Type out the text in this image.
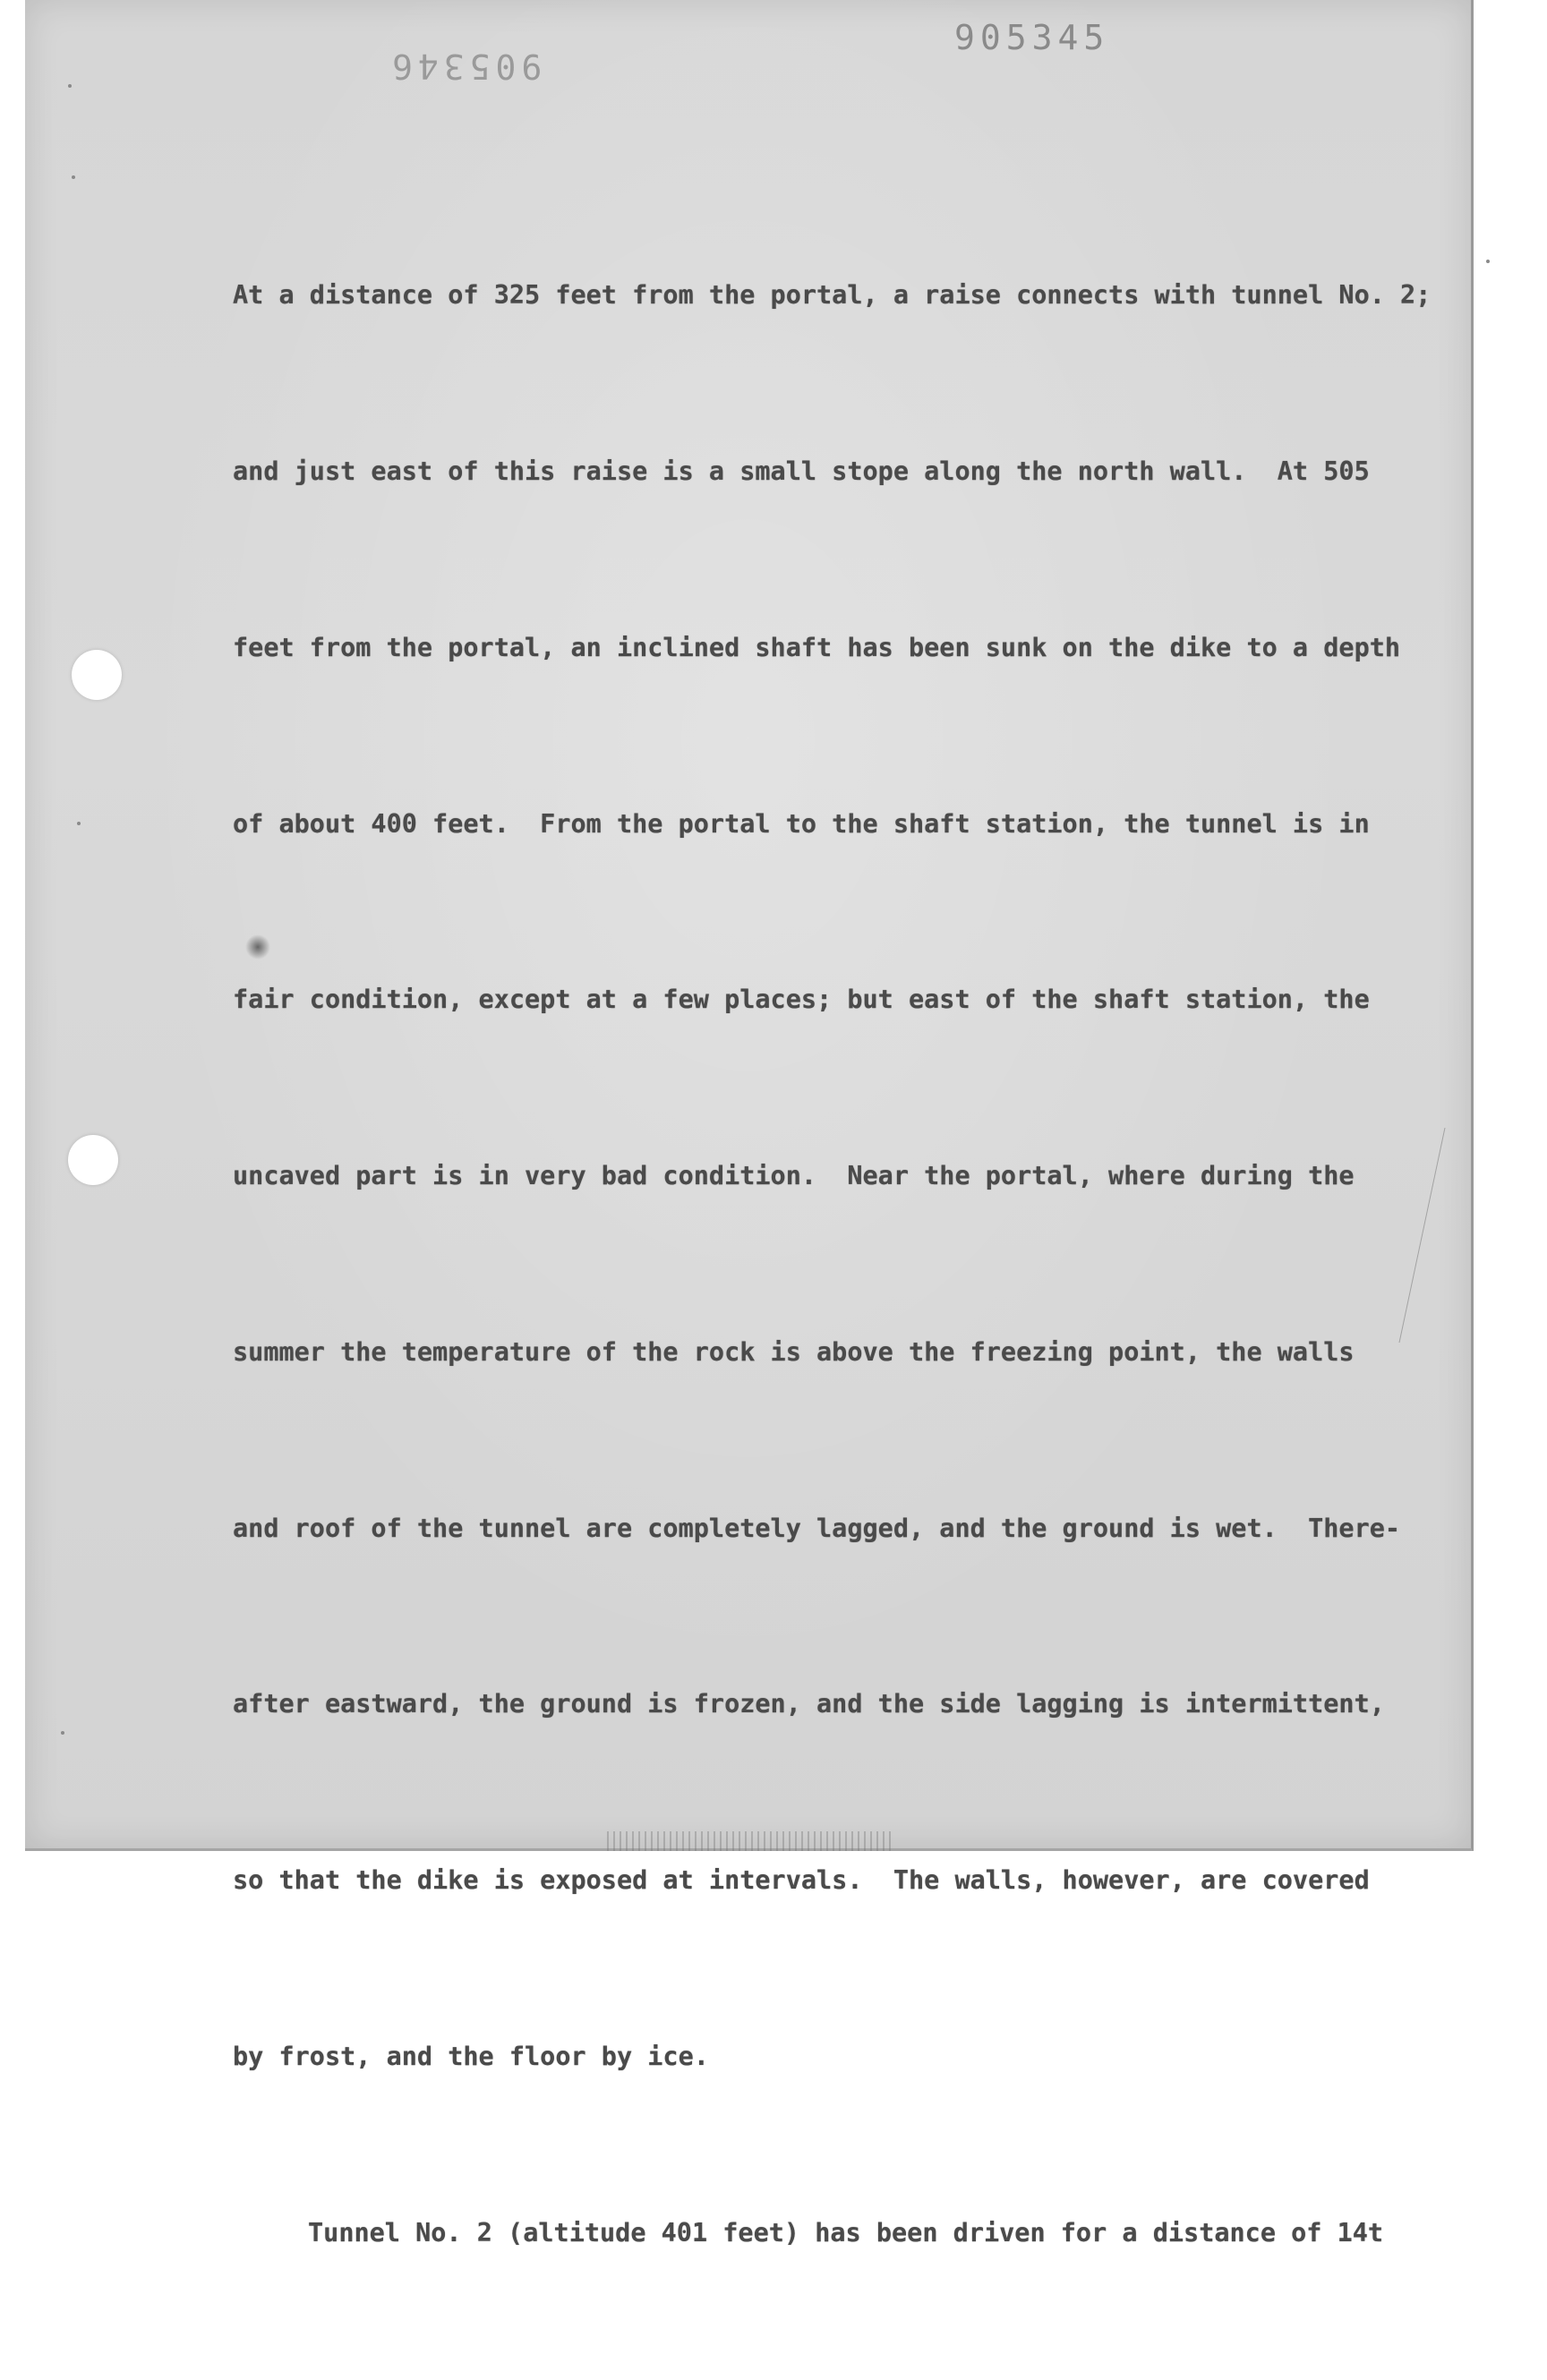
905346
905345

At a distance of 325 feet from the portal, a raise connects with tunnel No. 2;

and just east of this raise is a small stope along the north wall.  At 505

feet from the portal, an inclined shaft has been sunk on the dike to a depth

of about 400 feet.  From the portal to the shaft station, the tunnel is in

fair condition, except at a few places; but east of the shaft station, the

uncaved part is in very bad condition.  Near the portal, where during the

summer the temperature of the rock is above the freezing point, the walls

and roof of the tunnel are completely lagged, and the ground is wet.  There-

after eastward, the ground is frozen, and the side lagging is intermittent,

so that the dike is exposed at intervals.  The walls, however, are covered

by frost, and the floor by ice.

Tunnel No. 2 (altitude 401 feet) has been driven for a distance of 14t
